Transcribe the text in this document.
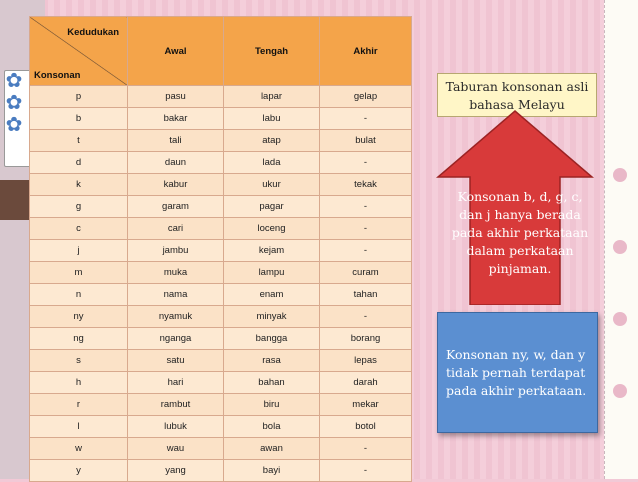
✿
✿
✿
Kedudukan
Konsonan	Awal	Tengah	Akhir
p	pasu	lapar	gelap
b	bakar	labu	-
t	tali	atap	bulat
d	daun	lada	-
k	kabur	ukur	tekak
g	garam	pagar	-
c	cari	loceng	-
j	jambu	kejam	-
m	muka	lampu	curam
n	nama	enam	tahan
ny	nyamuk	minyak	-
ng	nganga	bangga	borang
s	satu	rasa	lepas
h	hari	bahan	darah
r	rambut	biru	mekar
l	lubuk	bola	botol
w	wau	awan	-
y	yang	bayi	-
Taburan konsonan asli bahasa Melayu
Konsonan b, d, g, c, dan j hanya berada pada akhir perkataan dalam perkataan pinjaman.
Konsonan ny, w, dan y tidak pernah terdapat pada akhir perkataan.
